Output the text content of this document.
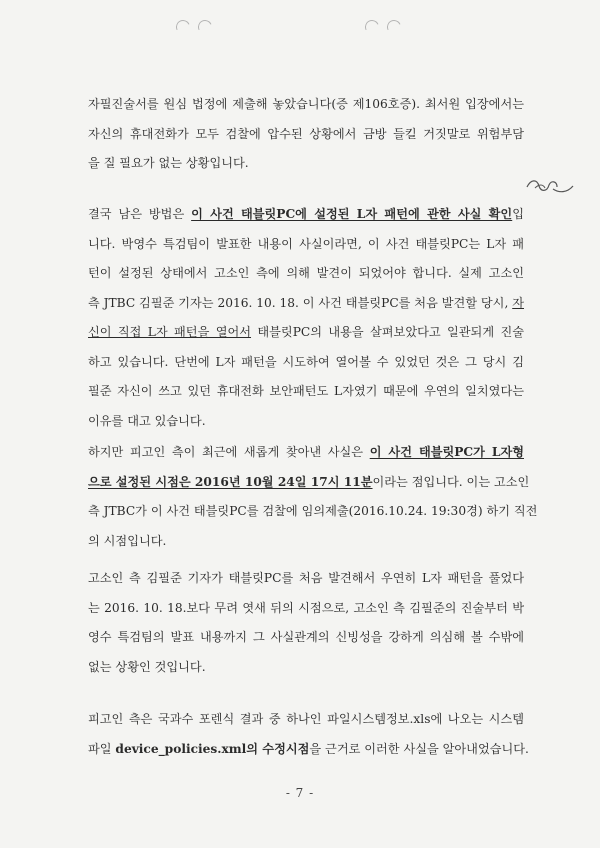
자필진술서를 원심 법정에 제출해 놓았습니다(증 제106호증). 최서원 입장에서는
자신의 휴대전화가 모두 검찰에 압수된 상황에서 금방 들킬 거짓말로 위험부담
을 질 필요가 없는 상황입니다.
결국 남은 방법은 이 사건 태블릿PC에 설정된 L자 패턴에 관한 사실 확인입
니다. 박영수 특검팀이 발표한 내용이 사실이라면, 이 사건 태블릿PC는 L자 패
턴이 설정된 상태에서 고소인 측에 의해 발견이 되었어야 합니다. 실제 고소인
측 JTBC 김필준 기자는 2016. 10. 18. 이 사건 태블릿PC를 처음 발견할 당시, 자
신이 직접 L자 패턴을 열어서 태블릿PC의 내용을 살펴보았다고 일관되게 진술
하고 있습니다. 단번에 L자 패턴을 시도하여 열어볼 수 있었던 것은 그 당시 김
필준 자신이 쓰고 있던 휴대전화 보안패턴도 L자였기 때문에 우연의 일치였다는
이유를 대고 있습니다.
하지만 피고인 측이 최근에 새롭게 찾아낸 사실은 이 사건 태블릿PC가 L자형
으로 설정된 시점은 2016년 10월 24일 17시 11분이라는 점입니다. 이는 고소인
측 JTBC가 이 사건 태블릿PC를 검찰에 임의제출(2016.10.24. 19:30경) 하기 직전
의 시점입니다.
고소인 측 김필준 기자가 태블릿PC를 처음 발견해서 우연히 L자 패턴을 풀었다
는 2016. 10. 18.보다 무려 엿새 뒤의 시점으로, 고소인 측 김필준의 진술부터 박
영수 특검팀의 발표 내용까지 그 사실관계의 신빙성을 강하게 의심해 볼 수밖에
없는 상황인 것입니다.
피고인 측은 국과수 포렌식 결과 중 하나인 파일시스템정보.xls에 나오는 시스템
파일 device_policies.xml의 수정시점을 근거로 이러한 사실을 알아내었습니다.
- 7 -
